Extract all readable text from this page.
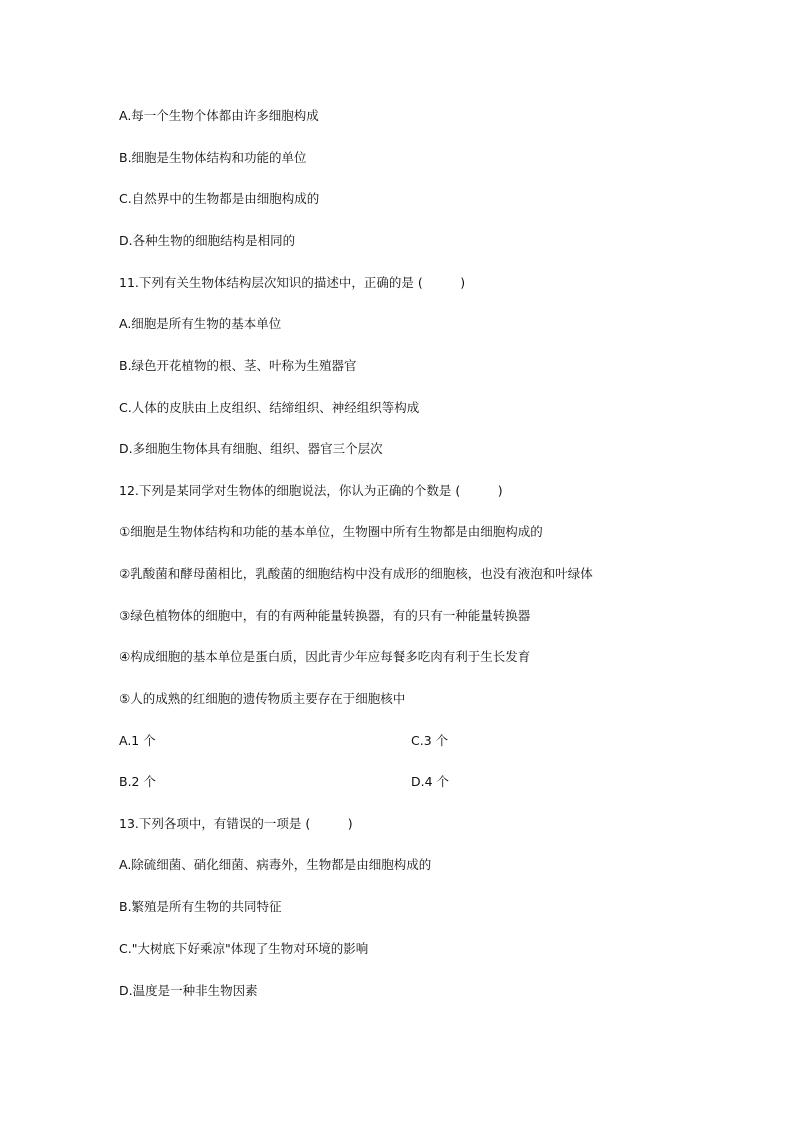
A.每一个生物个体都由许多细胞构成
B.细胞是生物体结构和功能的单位
C.自然界中的生物都是由细胞构成的
D.各种生物的细胞结构是相同的
11.下列有关生物体结构层次知识的描述中，正确的是 (　　　)
A.细胞是所有生物的基本单位
B.绿色开花植物的根、茎、叶称为生殖器官
C.人体的皮肤由上皮组织、结缔组织、神经组织等构成
D.多细胞生物体具有细胞、组织、器官三个层次
12.下列是某同学对生物体的细胞说法，你认为正确的个数是 (　　　)
①细胞是生物体结构和功能的基本单位，生物圈中所有生物都是由细胞构成的
②乳酸菌和酵母菌相比，乳酸菌的细胞结构中没有成形的细胞核，也没有液泡和叶绿体
③绿色植物体的细胞中，有的有两种能量转换器，有的只有一种能量转换器
④构成细胞的基本单位是蛋白质，因此青少年应每餐多吃肉有利于生长发育
⑤人的成熟的红细胞的遗传物质主要存在于细胞核中
A.1 个	C.3 个
B.2 个	D.4 个
13.下列各项中，有错误的一项是 (　　　)
A.除硫细菌、硝化细菌、病毒外，生物都是由细胞构成的
B.繁殖是所有生物的共同特征
C."大树底下好乘凉"体现了生物对环境的影响
D.温度是一种非生物因素
